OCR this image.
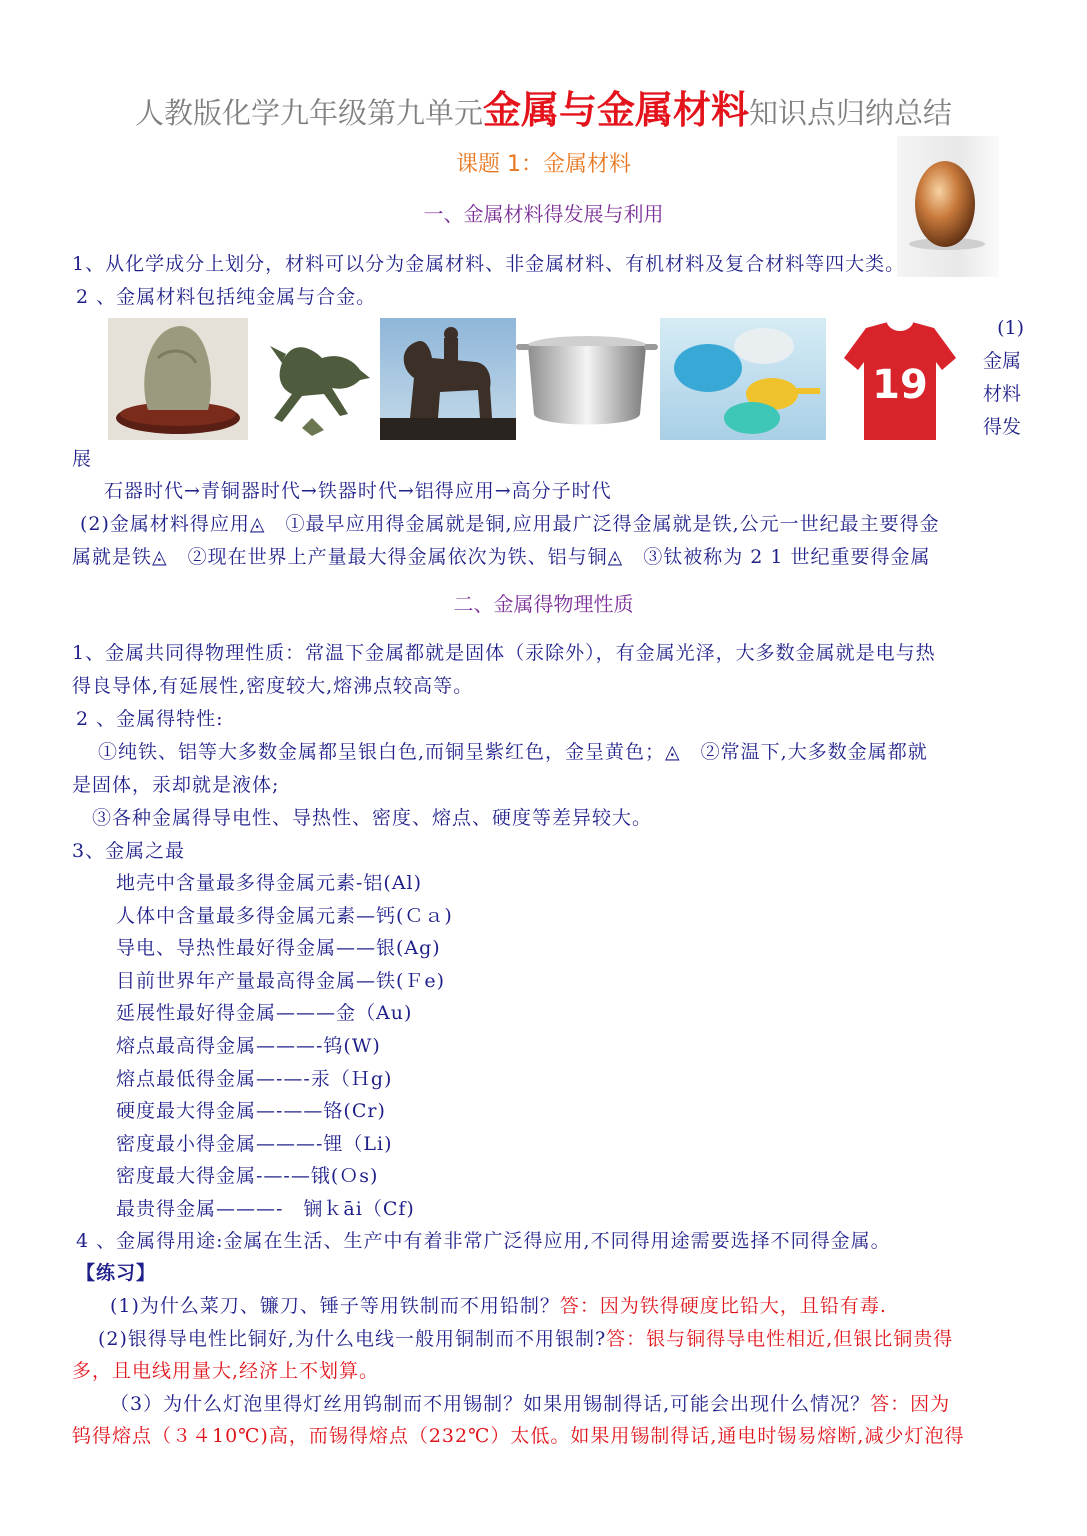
人教版化学九年级第九单元金属与金属材料知识点归纳总结
课题 1：金属材料
一、金属材料得发展与利用
1、从化学成分上划分，材料可以分为金属材料、非金属材料、有机材料及复合材料等四大类。
2 、金属材料包括纯金属与合金。
19
(1)
金属
材料
得发
展
石器时代→青铜器时代→铁器时代→铝得应用→高分子时代
(2)金属材料得应用◬　①最早应用得金属就是铜,应用最广泛得金属就是铁,公元一世纪最主要得金
属就是铁◬　②现在世界上产量最大得金属依次为铁、铝与铜◬　③钛被称为 2 1 世纪重要得金属
二、金属得物理性质
1、金属共同得物理性质：常温下金属都就是固体（汞除外），有金属光泽，大多数金属就是电与热
得良导体,有延展性,密度较大,熔沸点较高等。
2 、金属得特性:
①纯铁、铝等大多数金属都呈银白色,而铜呈紫红色，金呈黄色；◬　②常温下,大多数金属都就
是固体，汞却就是液体;
③各种金属得导电性、导热性、密度、熔点、硬度等差异较大。
3、金属之最
地壳中含量最多得金属元素-铝(Al)
人体中含量最多得金属元素—钙(Ｃａ)
导电、导热性最好得金属——银(Ag)
目前世界年产量最高得金属—铁(Ｆe)
延展性最好得金属———金（Au)
熔点最高得金属———-钨(W)
熔点最低得金属—-—-汞（Ｈg)
硬度最大得金属—-——铬(Cr)
密度最小得金属———-锂（Li)
密度最大得金属-—-—锇(Ｏs)
最贵得金属———-　锎ｋāi（Cf)
4 、金属得用途:金属在生活、生产中有着非常广泛得应用,不同得用途需要选择不同得金属。
【练习】
(1)为什么菜刀、镰刀、锤子等用铁制而不用铅制？答：因为铁得硬度比铅大，且铅有毒.
(2)银得导电性比铜好,为什么电线一般用铜制而不用银制?答：银与铜得导电性相近,但银比铜贵得
多，且电线用量大,经济上不划算。
（3）为什么灯泡里得灯丝用钨制而不用锡制？如果用锡制得话,可能会出现什么情况？答：因为
钨得熔点（３４10℃)高，而锡得熔点（232℃）太低。如果用锡制得话,通电时锡易熔断,减少灯泡得
